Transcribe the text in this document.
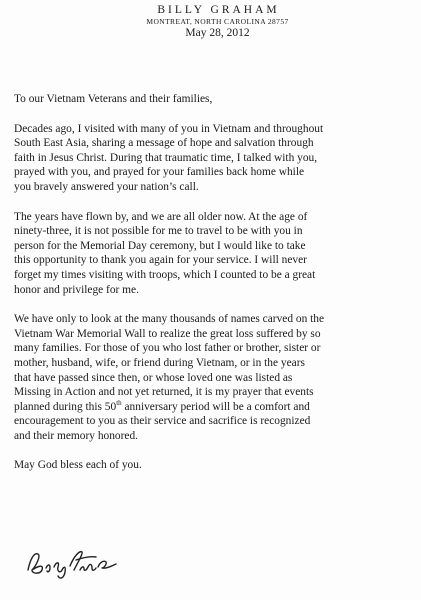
BILLY GRAHAM
MONTREAT, NORTH CAROLINA 28757
May 28, 2012
To our Vietnam Veterans and their families,
Decades ago, I visited with many of you in Vietnam and throughout
South East Asia, sharing a message of hope and salvation through
faith in Jesus Christ. During that traumatic time, I talked with you,
prayed with you, and prayed for your families back home while
you bravely answered your nation’s call.
The years have flown by, and we are all older now. At the age of
ninety-three, it is not possible for me to travel to be with you in
person for the Memorial Day ceremony, but I would like to take
this opportunity to thank you again for your service. I will never
forget my times visiting with troops, which I counted to be a great
honor and privilege for me.
We have only to look at the many thousands of names carved on the
Vietnam War Memorial Wall to realize the great loss suffered by so
many families. For those of you who lost father or brother, sister or
mother, husband, wife, or friend during Vietnam, or in the years
that have passed since then, or whose loved one was listed as
Missing in Action and not yet returned, it is my prayer that events
planned during this 50th anniversary period will be a comfort and
encouragement to you as their service and sacrifice is recognized
and their memory honored.
May God bless each of you.
